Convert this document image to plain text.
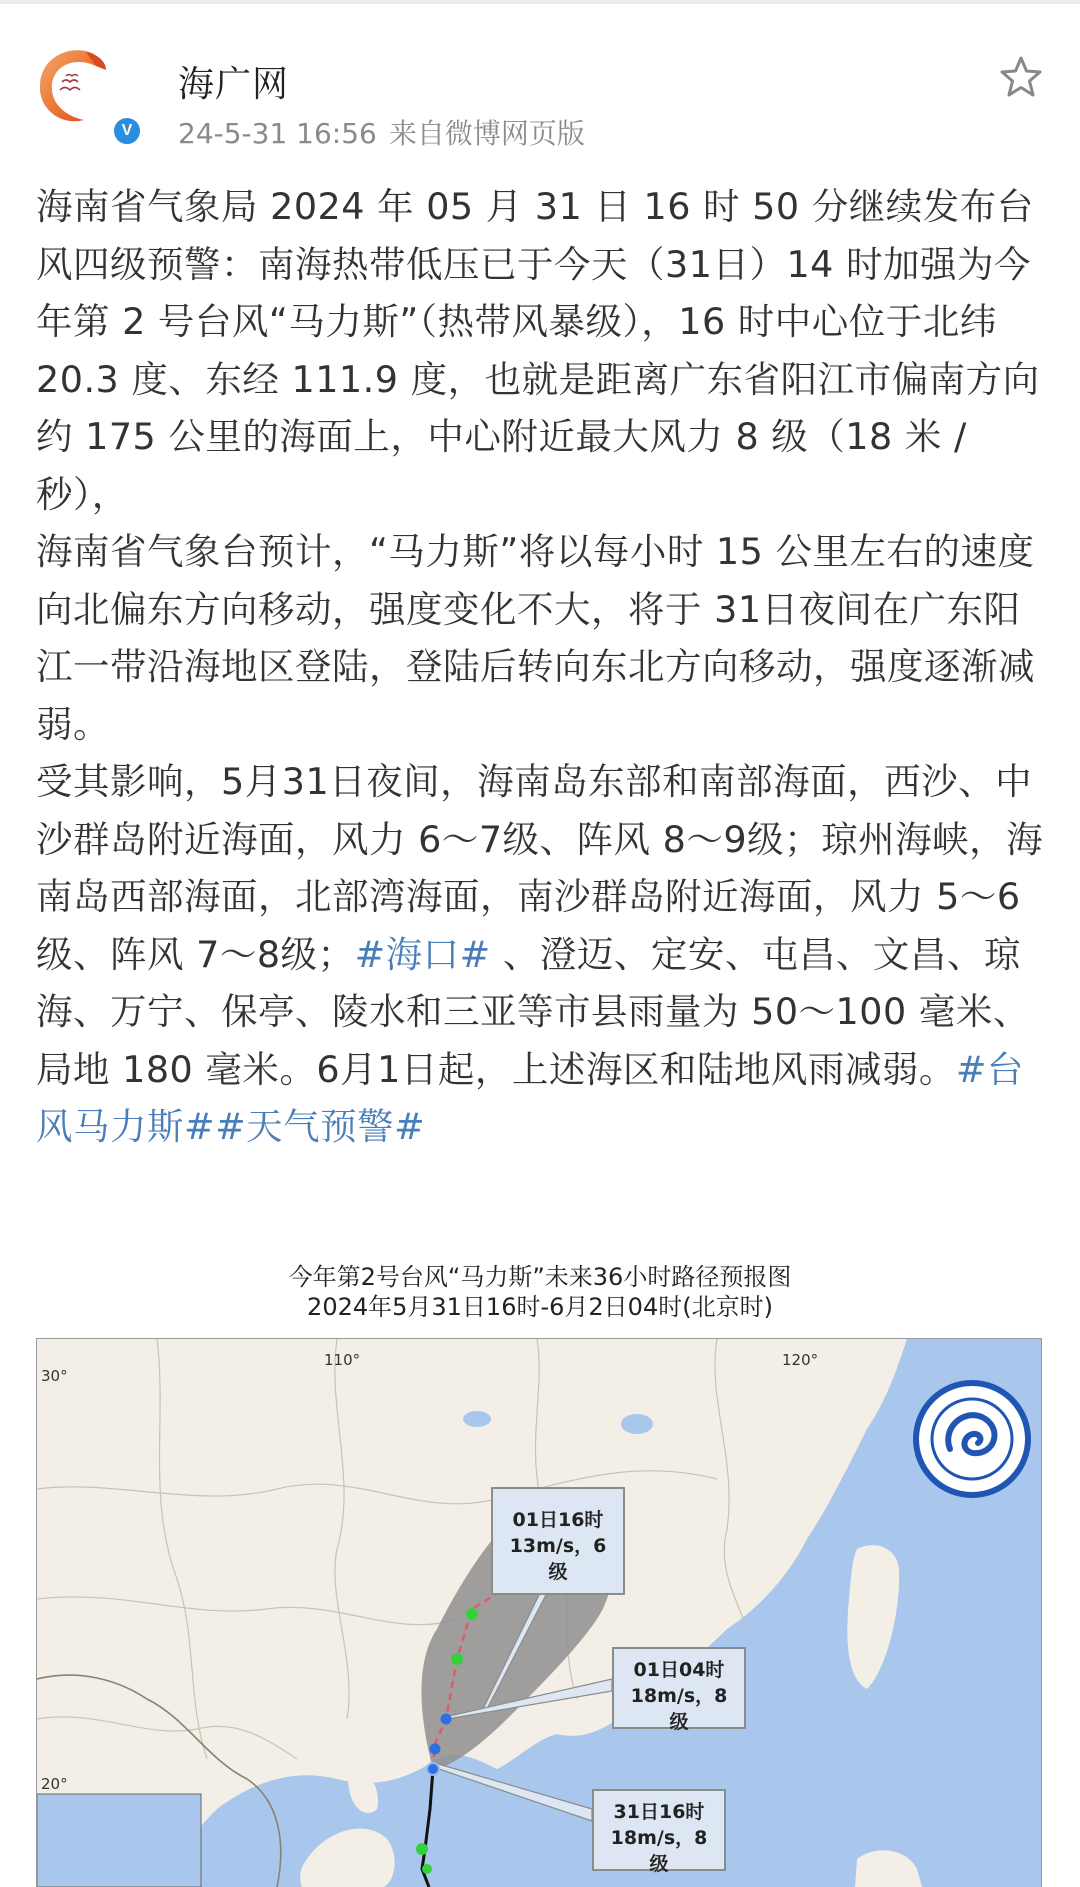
V
海广网
24-5-31 16:56 来自微博网页版

海南省气象局 2024 年 05 月 31 日 16 时 50 分继续发布台风四级预警：南海热带低压已于今天（31日）14 时加强为今年第 2 号台风“马力斯”（热带风暴级），16 时中心位于北纬 20.3 度、东经 111.9 度，也就是距离广东省阳江市偏南方向约 175 公里的海面上，中心附近最大风力 8 级（18 米 / 秒），

海南省气象台预计，“马力斯”将以每小时 15 公里左右的速度向北偏东方向移动，强度变化不大，将于 31日夜间在广东阳江一带沿海地区登陆，登陆后转向东北方向移动，强度逐渐减弱。

受其影响，5月31日夜间，海南岛东部和南部海面，西沙、中沙群岛附近海面，风力 6～7级、阵风 8～9级；琼州海峡，海南岛西部海面，北部湾海面，南沙群岛附近海面，风力 5～6级、阵风 7～8级；#海口# 、澄迈、定安、屯昌、文昌、琼海、万宁、保亭、陵水和三亚等市县雨量为 50～100 毫米、局地 180 毫米。6月1日起，上述海区和陆地风雨减弱。#台风马力斯##天气预警#

今年第2号台风“马力斯”未来36小时路径预报图
2024年5月31日16时-6月2日04时(北京时)
110°	120°
30°
20°
01日16时
13m/s，6级
01日04时
18m/s，8级
31日16时
18m/s，8级
